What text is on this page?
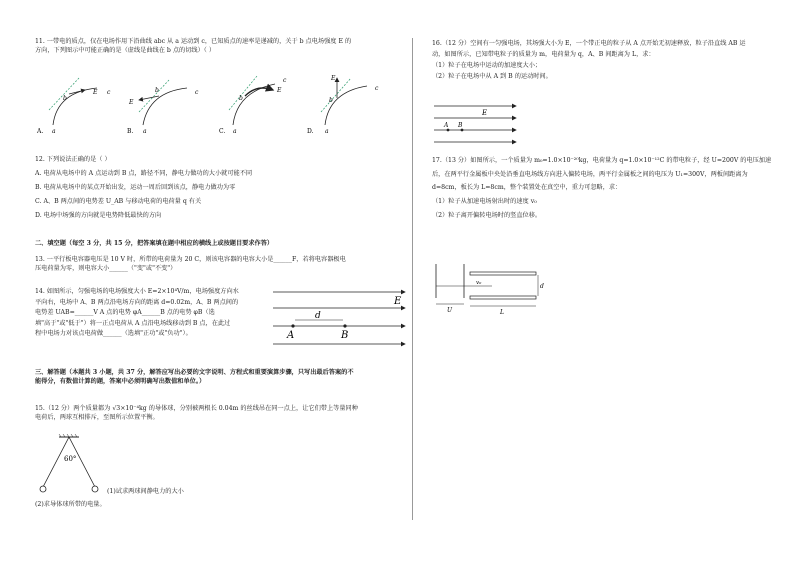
11. 一带电的质点，仅在电场作用下沿曲线 abc 从 a 运动到 c，已知质点的速率是递减的，关于 b 点电场强度 E 的

方向，下列图示中可能正确的是（虚线是曲线在 b 点的切线）（ ）

E
b
c
a
A.
E
b	c
a
B.
E
b
c
a
C.
E
b
c
a
D.

12. 下列说法正确的是（ ）

A. 电荷从电场中的 A 点运动到 B 点，路径不同，静电力做功的大小就可能不同

B. 电荷从电场中的某点开始出发，运动一周后回到该点，静电力做功为零

C. A、B 两点间的电势差 U_AB 与移动电荷的电荷量 q 有关

D. 电场中场强的方向就是电势降低最快的方向

二、填空题（每空 3 分，共 15 分，把答案填在题中相应的横线上或按题目要求作答）

13. 一平行板电容器电压是 10 V 时，所带的电荷量为 20 C，则该电容器的电容大小是______F，若将电容器极电

压电荷量为零，则电容大小______（"变"或"不变"）

14. 如图所示，匀强电场的电场强度大小 E=2×10⁴V/m，电场强度方向水

平向右，电场中 A、B 两点沿电场方向的距离 d=0.02m，A、B 两点间的

电势差 UAB=______V A 点的电势 φA______B 点的电势 φB（选

填"高于"或"低于"）将一正点电荷从 A 点沿电场线移动到 B 点，在此过

程中电场力对该点电荷做______（选填"正功"或"负功"）。

E
d
A	B

三、解答题（本题共 3 小题，共 37 分，解答应写出必要的文字说明、方程式和重要演算步骤，只写出最后答案的不

能得分，有数值计算的题，答案中必须明确写出数值和单位。）

15.（12 分）两个质量都为 √3×10⁻⁴kg 的导体球，分别被两根长 0.04m 的丝线吊在同一点上，让它们带上等量同种

电荷后，两球互相排斥，至图所示位置平衡。

60°

(1)试求两球间静电力的大小

(2)求导体球所带的电量。

16.（12 分）空间有一匀强电场，其场强大小为 E，一个带正电的粒子从 A 点开始无初速释放，粒子沿直线 AB 运

动，如图所示，已知带电粒子的质量为 m，电荷量为 q，A、B 间距离为 L，求：

（1）粒子在电场中运动的加速度大小；

（2）粒子在电场中从 A 到 B 的运动时间。

E
A B

17.（13 分）如图所示，一个质量为 m₀=1.0×10⁻²⁰kg，电荷量为 q=1.0×10⁻¹²C 的带电粒子，经 U=200V 的电压加速

后，在两平行金属板中央处沿垂直电场线方向进入偏转电场，两平行金属板之间的电压为 U₁=300V，两板间距离为

d=8cm，板长为 L=8cm，整个装置处在真空中，重力可忽略，求：

（1）粒子从加速电场射出时的速度 v₀

（2）粒子离开偏转电场时的竖直位移。

v₀	d
U	L
